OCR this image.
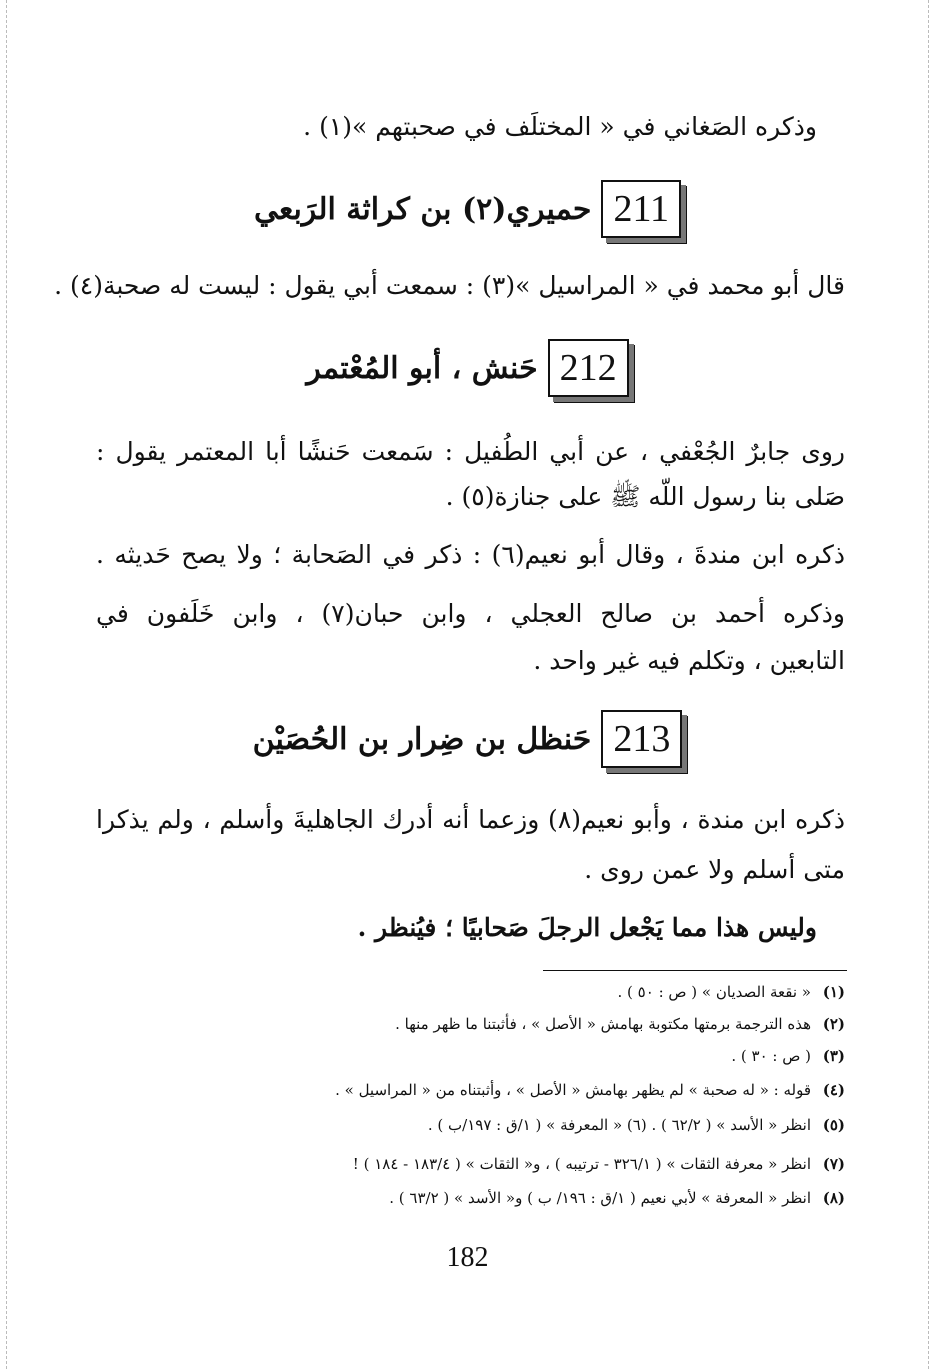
وذكره الصَغاني في « المختلَف في صحبتهم »(١) .
211
حميري(٢) بن كراثة الرَبعي
قال أبو محمد في « المراسيل »(٣) : سمعت أبي يقول : ليست له صحبة(٤) .
212
حَنش ، أبو المُعْتمر
روى جابرٌ الجُعْفي ، عن أبي الطُفيل : سَمعت حَنشًا أبا المعتمر يقول :
صَلى بنا رسول اللّه ﷺ على جنازة(٥) .
ذكره ابن مندةَ ، وقال أبو نعيم(٦) : ذكر في الصَحابة ؛ ولا يصح حَديثه .
وذكره أحمد بن صالح العجلي ، وابن حبان(٧) ، وابن خَلَفون في
التابعين ، وتكلم فيه غير واحد .
213
حَنظل بن ضِرار بن الحُصَيْن
ذكره ابن مندة ، وأبو نعيم(٨) وزعما أنه أدرك الجاهليةَ وأسلم ، ولم يذكرا
متى أسلم ولا عمن روى .
وليس هذا مما يَجْعل الرجلَ صَحابيًا ؛ فيُنظر .
(١)« نقعة الصديان » ( ص : ٥٠ ) .
(٢)هذه الترجمة برمتها مكتوبة بهامش « الأصل » ، فأثبتنا ما ظهر منها .
(٣)( ص : ٣٠ ) .
(٤)قوله : « له صحبة » لم يظهر بهامش « الأصل » ، وأثبتناه من « المراسيل » .
(٥)انظر « الأسد » ( ٦٢/٢ ) . (٦) « المعرفة » ( ١/ق : ١٩٧/ب ) .
(٧)انظر « معرفة الثقات » ( ٣٢٦/١ - ترتيبه ) ، و« الثقات » ( ١٨٣/٤ - ١٨٤ ) !
(٨)انظر « المعرفة » لأبي نعيم ( ١/ق : ١٩٦/ ب ) و« الأسد » ( ٦٣/٢ ) .
182
